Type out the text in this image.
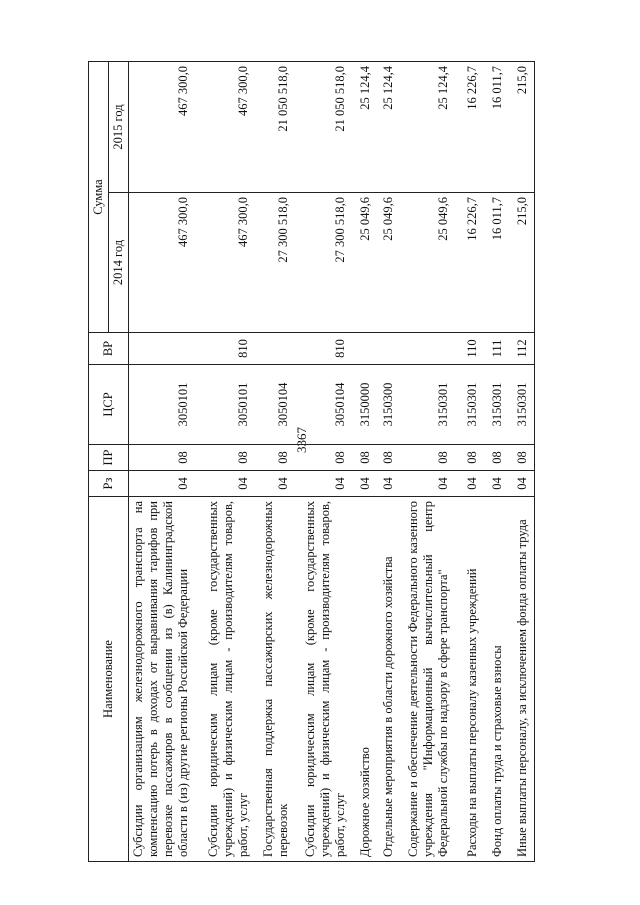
3367
Наименование	Рз	ПР	ЦСР	ВР	Сумма	
					2014 год	2015 год
Субсидии организациям железнодорожного транспорта на компенсацию потерь в доходах от выравнивания тарифов при перевозке пассажиров в сообщении из (в) Калининградской области в (из) другие регионы Российской Федерации	04	08	3050101		467 300,0	467 300,0
Субсидии юридическим лицам (кроме государственных учреждений) и физическим лицам - производителям товаров, работ, услуг	04	08	3050101	810	467 300,0	467 300,0
Государственная поддержка пассажирских железнодорожных перевозок	04	08	3050104		27 300 518,0	21 050 518,0
Субсидии юридическим лицам (кроме государственных учреждений) и физическим лицам - производителям товаров, работ, услуг	04	08	3050104	810	27 300 518,0	21 050 518,0
Дорожное хозяйство	04	08	3150000		25 049,6	25 124,4
Отдельные мероприятия в области дорожного хозяйства	04	08	3150300		25 049,6	25 124,4
Содержание и обеспечение деятельности Федерального казенного учреждения "Информационный вычислительный центр Федеральной службы по надзору в сфере транспорта"	04	08	3150301		25 049,6	25 124,4
Расходы на выплаты персоналу казенных учреждений	04	08	3150301	110	16 226,7	16 226,7
Фонд оплаты труда и страховые взносы	04	08	3150301	111	16 011,7	16 011,7
Иные выплаты персоналу, за исключением фонда оплаты труда	04	08	3150301	112	215,0	215,0
